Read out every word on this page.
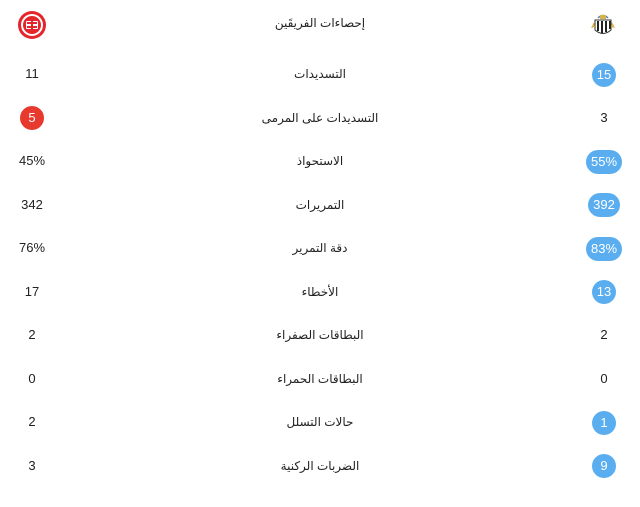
إحصاءات الفريقَين
11	التسديدات	15
5	التسديدات على المرمى	3
45%	الاستحواذ	55%
342	التمريرات	392
76%	دقة التمرير	83%
17	الأخطاء	13
2	البطاقات الصفراء	2
0	البطاقات الحمراء	0
2	حالات التسلل	1
3	الضربات الركنية	9
